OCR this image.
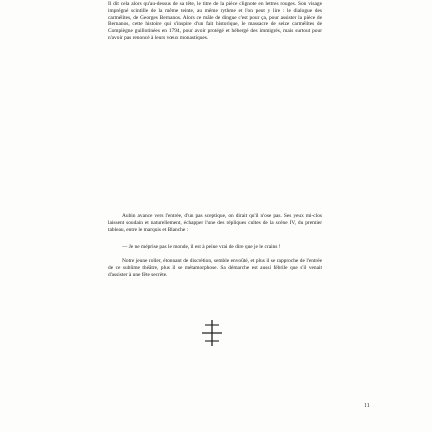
Il dit cela alors qu'au-dessus de sa tête, le titre de la pièce clignote en lettres rouges. Son visage imprégné scintille de la même teinte, au même rythme et l'on peut y lire : le dialogue des carmélites, de Georges Bernanos. Alors ce mâle de dingue c'est pour ça, pour assister la pièce de Bernanos, cette histoire qui s'inspire d'un fait historique, le massacre de seize carmélites de Compiègne guillotinées en 1794, pour avoir protégé et hébergé des immigrés, mais surtout pour n'avoir pas renoncé à leurs vœux monastiques.

Aubin avance vers l'entrée, d'un pas sceptique, on dirait qu'il n'ose pas. Ses yeux mi-clos laissent soudain et naturellement, échapper l'une des répliques cultes de la scène IV, du premier tableau, entre le marquis et Blanche :

— Je ne méprise pas le monde, il est à peine vrai de dire que je le crains !

Notre jeune roller, étonnant de discrétion, semble envoûté, et plus il se rapproche de l'entrée de ce sublime théâtre, plus il se métamorphose. Sa démarche est aussi fébrile que s'il venait d'assister à une fête secrète.

11
